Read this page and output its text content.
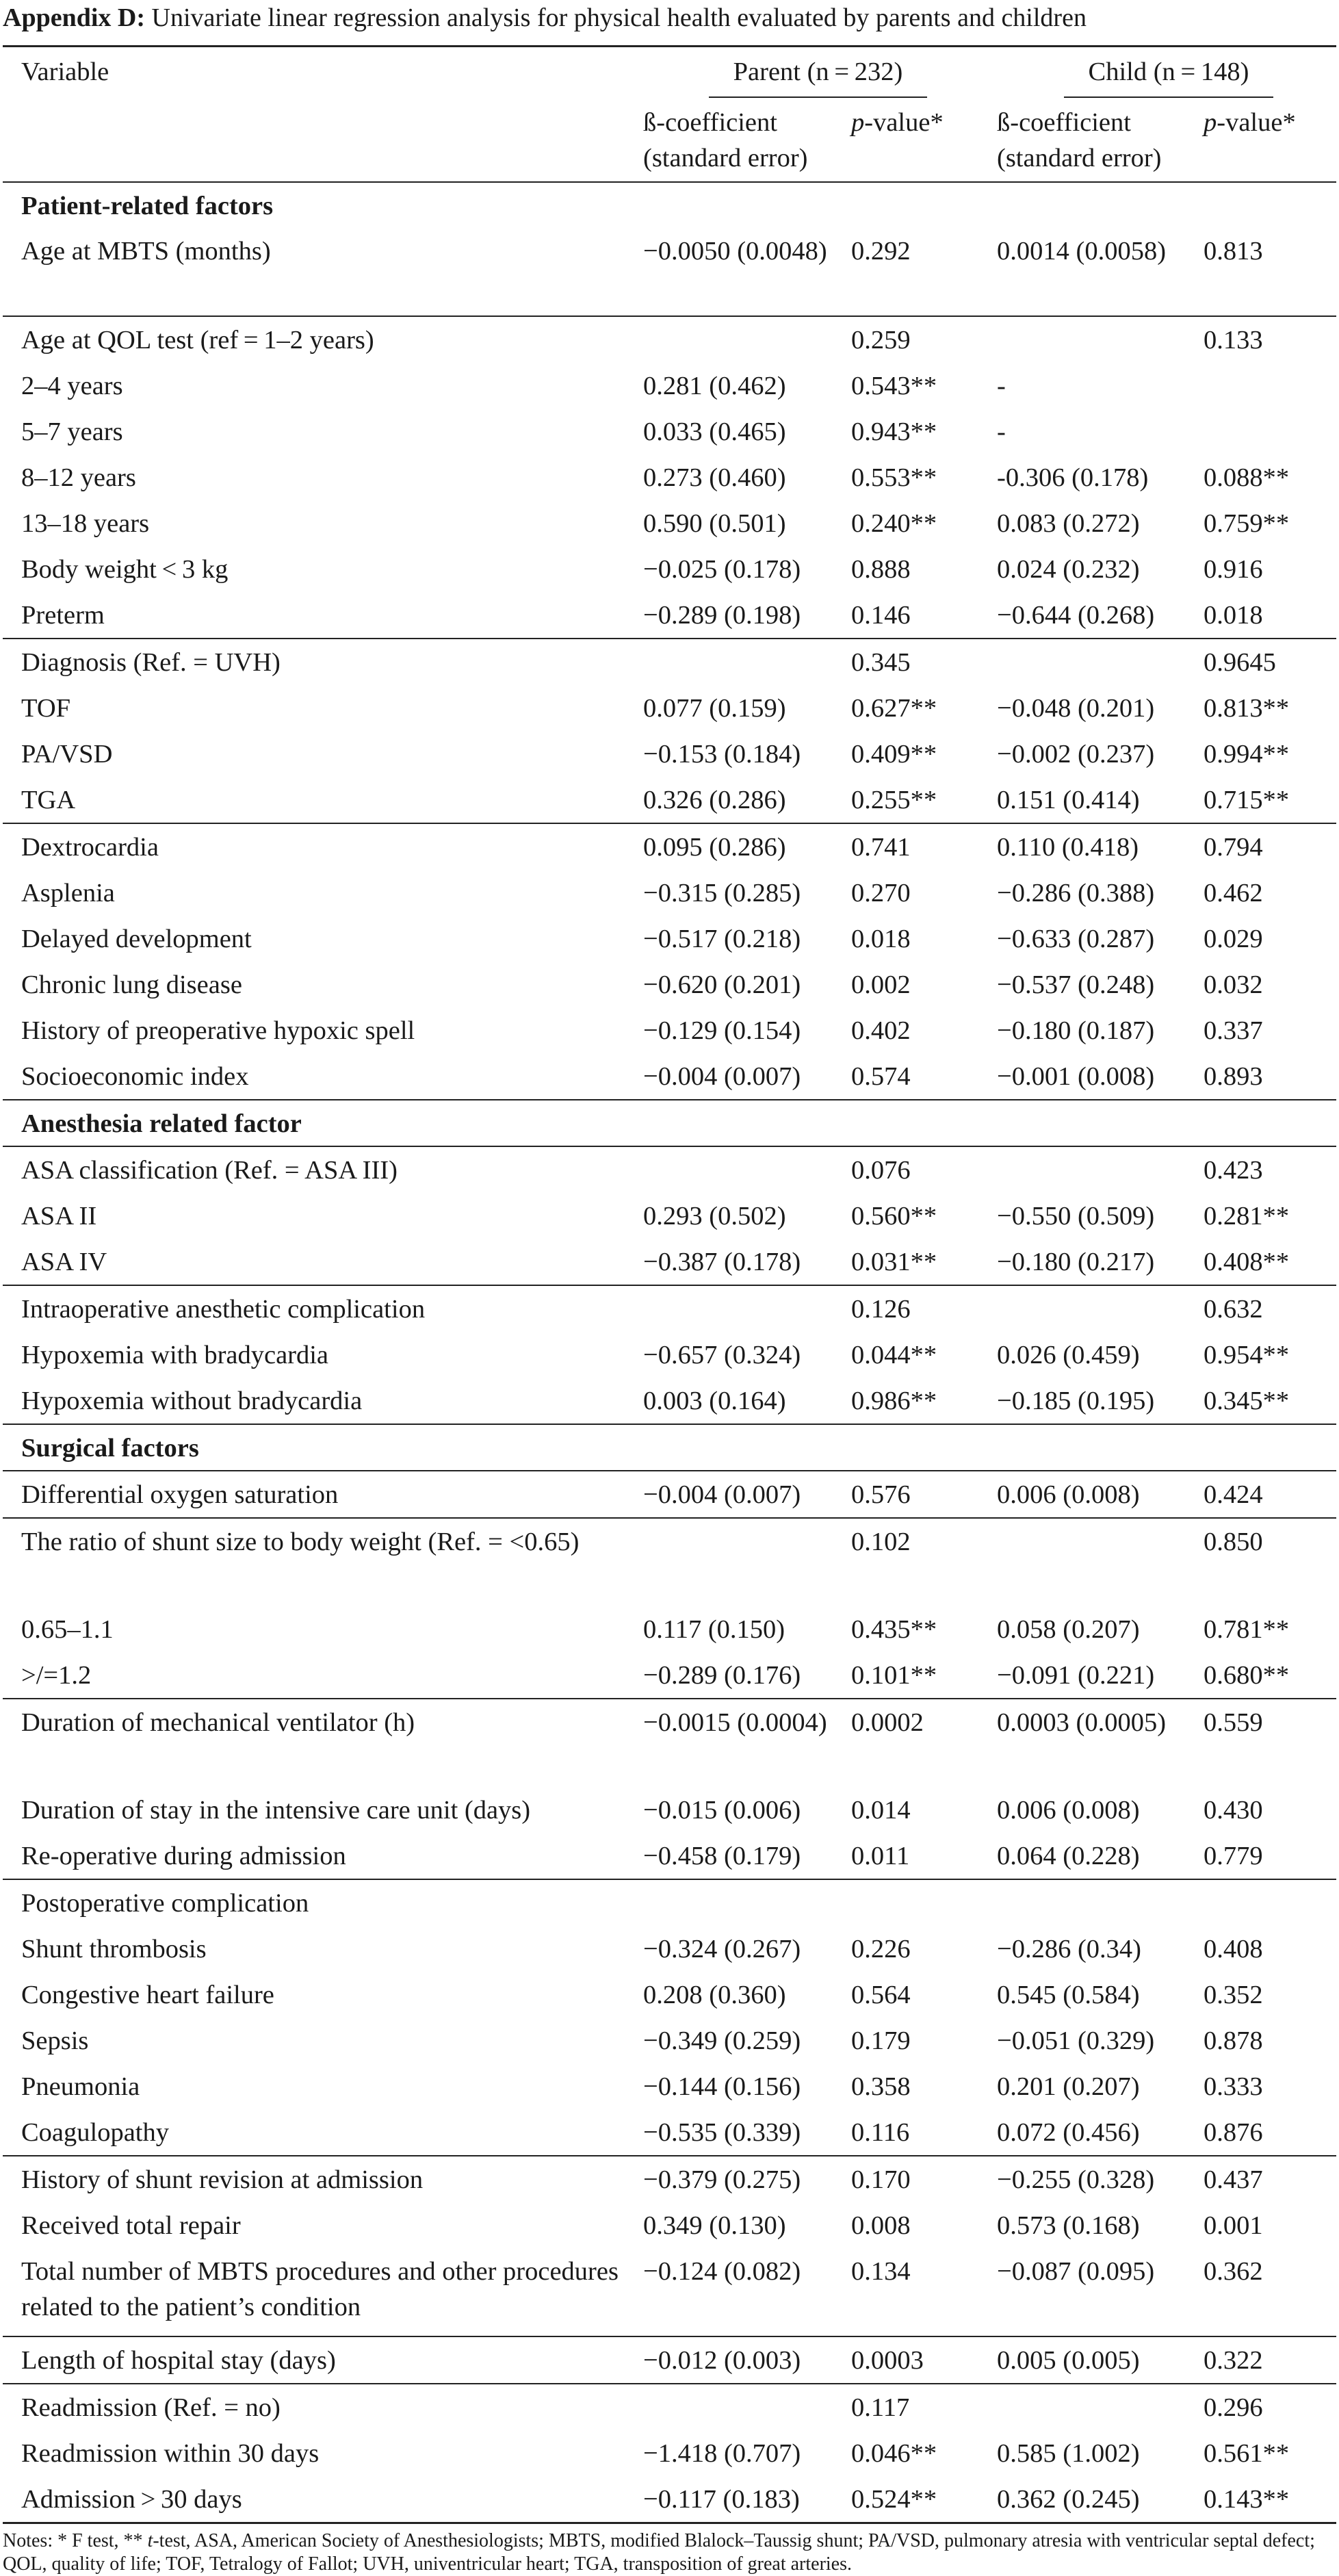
Appendix D: Univariate linear regression analysis for physical health evaluated by parents and children
Variable	Parent (n = 232)		Child (n = 148)	

	ß-coefficient
(standard error)	p-value*	ß-coefficient
(standard error)	p-value*
Patient-related factors				
Age at MBTS (months)	−0.0050 (0.0048)	0.292	0.0014 (0.0058)	0.813
Age at QOL test (ref = 1–2 years)		0.259		0.133
2–4 years	0.281 (0.462)	0.543**	-	
5–7 years	0.033 (0.465)	0.943**	-	
8–12 years	0.273 (0.460)	0.553**	-0.306 (0.178)	0.088**
13–18 years	0.590 (0.501)	0.240**	0.083 (0.272)	0.759**
Body weight < 3 kg	−0.025 (0.178)	0.888	0.024 (0.232)	0.916
Preterm	−0.289 (0.198)	0.146	−0.644 (0.268)	0.018
Diagnosis (Ref. = UVH)		0.345		0.9645
TOF	0.077 (0.159)	0.627**	−0.048 (0.201)	0.813**
PA/VSD	−0.153 (0.184)	0.409**	−0.002 (0.237)	0.994**
TGA	0.326 (0.286)	0.255**	0.151 (0.414)	0.715**
Dextrocardia	0.095 (0.286)	0.741	0.110 (0.418)	0.794
Asplenia	−0.315 (0.285)	0.270	−0.286 (0.388)	0.462
Delayed development	−0.517 (0.218)	0.018	−0.633 (0.287)	0.029
Chronic lung disease	−0.620 (0.201)	0.002	−0.537 (0.248)	0.032
History of preoperative hypoxic spell	−0.129 (0.154)	0.402	−0.180 (0.187)	0.337
Socioeconomic index	−0.004 (0.007)	0.574	−0.001 (0.008)	0.893
Anesthesia related factor				
ASA classification (Ref. = ASA III)		0.076		0.423
ASA II	0.293 (0.502)	0.560**	−0.550 (0.509)	0.281**
ASA IV	−0.387 (0.178)	0.031**	−0.180 (0.217)	0.408**
Intraoperative anesthetic complication		0.126		0.632
Hypoxemia with bradycardia	−0.657 (0.324)	0.044**	0.026 (0.459)	0.954**
Hypoxemia without bradycardia	0.003 (0.164)	0.986**	−0.185 (0.195)	0.345**
Surgical factors				
Differential oxygen saturation	−0.004 (0.007)	0.576	0.006 (0.008)	0.424
The ratio of shunt size to body weight (Ref. = <0.65)		0.102		0.850
0.65–1.1	0.117 (0.150)	0.435**	0.058 (0.207)	0.781**
>/=1.2	−0.289 (0.176)	0.101**	−0.091 (0.221)	0.680**
Duration of mechanical ventilator (h)	−0.0015 (0.0004)	0.0002	0.0003 (0.0005)	0.559
Duration of stay in the intensive care unit (days)	−0.015 (0.006)	0.014	0.006 (0.008)	0.430
Re-operative during admission	−0.458 (0.179)	0.011	0.064 (0.228)	0.779
Postoperative complication				
Shunt thrombosis	−0.324 (0.267)	0.226	−0.286 (0.34)	0.408
Congestive heart failure	0.208 (0.360)	0.564	0.545 (0.584)	0.352
Sepsis	−0.349 (0.259)	0.179	−0.051 (0.329)	0.878
Pneumonia	−0.144 (0.156)	0.358	0.201 (0.207)	0.333
Coagulopathy	−0.535 (0.339)	0.116	0.072 (0.456)	0.876
History of shunt revision at admission	−0.379 (0.275)	0.170	−0.255 (0.328)	0.437
Received total repair	0.349 (0.130)	0.008	0.573 (0.168)	0.001
Total number of MBTS procedures and other procedures related to the patient’s condition	−0.124 (0.082)	0.134	−0.087 (0.095)	0.362
Length of hospital stay (days)	−0.012 (0.003)	0.0003	0.005 (0.005)	0.322
Readmission (Ref. = no)		0.117		0.296
Readmission within 30 days	−1.418 (0.707)	0.046**	0.585 (1.002)	0.561**
Admission > 30 days	−0.117 (0.183)	0.524**	0.362 (0.245)	0.143**
Notes: * F test, ** t-test, ASA, American Society of Anesthesiologists; MBTS, modified Blalock–Taussig shunt; PA/VSD, pulmonary atresia with ventricular septal defect; QOL, quality of life; TOF, Tetralogy of Fallot; UVH, univentricular heart; TGA, transposition of great arteries.
